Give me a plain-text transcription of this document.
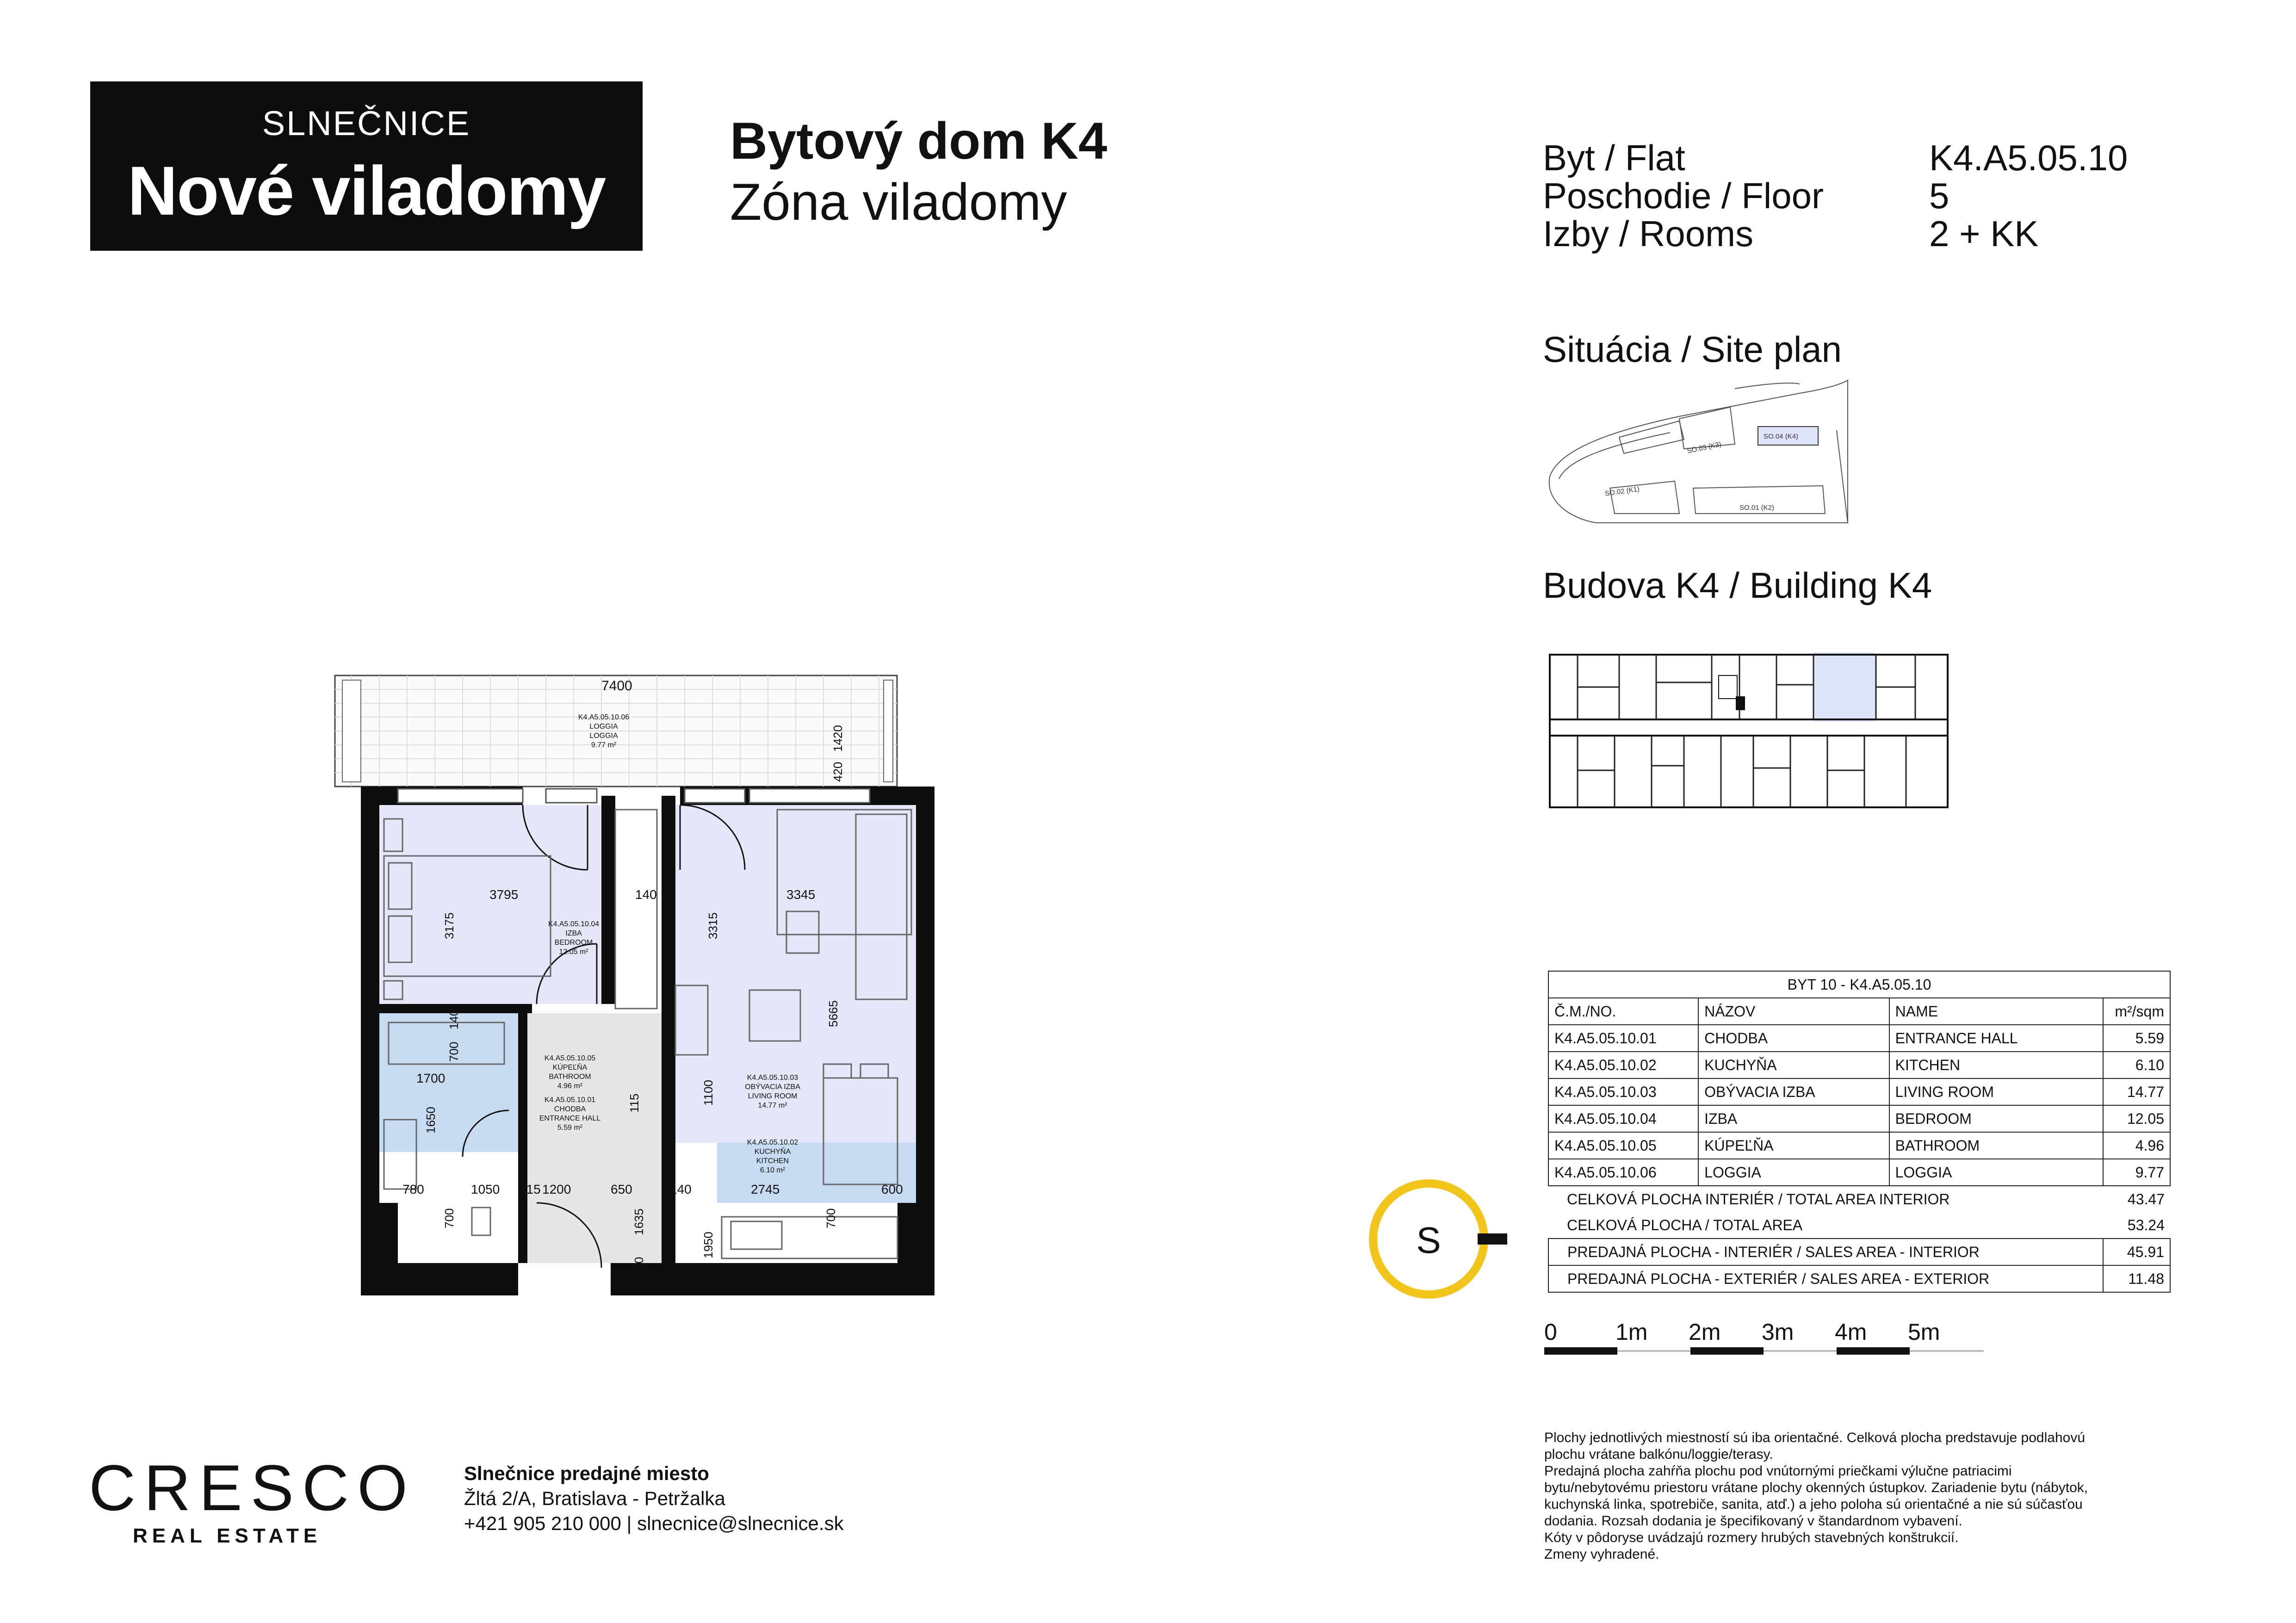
SLNEČNICE
Nové viladomy
Bytový dom K4
Zóna viladomy
Byt / Flat	K4.A5.05.10
Poschodie / Floor	5
Izby / Rooms	2 + KK
Situácia / Site plan
SO.03 (K3)
SO.04 (K4)
SO.02 (K1)
SO.01 (K2)
Budova K4 / Building K4
7400
1420
420
3795
3175
140	3345
3315
5665
140
700
1700
1650
115	1100
780	1050 115 1200	650	140	2745	600
700	700
1635
200
1950
K4.A5.05.10.06
LOGGIA
LOGGIA
9.77 m²
K4.A5.05.10.04
IZBA
BEDROOM
12.05 m²
K4.A5.05.10.05
KÚPEĽŇA
BATHROOM
4.96 m²
K4.A5.05.10.01
CHODBA
ENTRANCE HALL
5.59 m²
K4.A5.05.10.03
OBÝVACIA IZBA
LIVING ROOM
14.77 m²
K4.A5.05.10.02
KUCHYŇA
KITCHEN
6.10 m²
S
BYT 10 - K4.A5.05.10			
Č.M./NO.	NÁZOV	NAME	m²/sqm
K4.A5.05.10.01	CHODBA	ENTRANCE HALL	5.59
K4.A5.05.10.02	KUCHYŇA	KITCHEN	6.10
K4.A5.05.10.03	OBÝVACIA IZBA	LIVING ROOM	14.77
K4.A5.05.10.04	IZBA	BEDROOM	12.05
K4.A5.05.10.05	KÚPEĽŇA	BATHROOM	4.96
K4.A5.05.10.06	LOGGIA	LOGGIA	9.77
CELKOVÁ PLOCHA INTERIÉR / TOTAL AREA INTERIOR			43.47
CELKOVÁ PLOCHA / TOTAL AREA			53.24
PREDAJNÁ PLOCHA - INTERIÉR / SALES AREA - INTERIOR			45.91
PREDAJNÁ PLOCHA - EXTERIÉR / SALES AREA - EXTERIOR			11.48
0	1m 2m 3m 4m 5m
Plochy jednotlivých miestností sú iba orientačné. Celková plocha predstavuje podlahovú
plochu vrátane balkónu/loggie/terasy.
Predajná plocha zahŕňa plochu pod vnútornými priečkami výlučne patriacimi
bytu/nebytovému priestoru vrátane plochy okenných ústupkov. Zariadenie bytu (nábytok,
kuchynská linka, spotrebiče, sanita, atď.) a jeho poloha sú orientačné a nie sú súčasťou
dodania. Rozsah dodania je špecifikovaný v štandardnom vybavení.
Kóty v pôdoryse uvádzajú rozmery hrubých stavebných konštrukcií.
Zmeny vyhradené.
CRESCO
REAL ESTATE
Slnečnice predajné miesto
Žltá 2/A, Bratislava - Petržalka
+421 905 210 000 | slnecnice@slnecnice.sk
